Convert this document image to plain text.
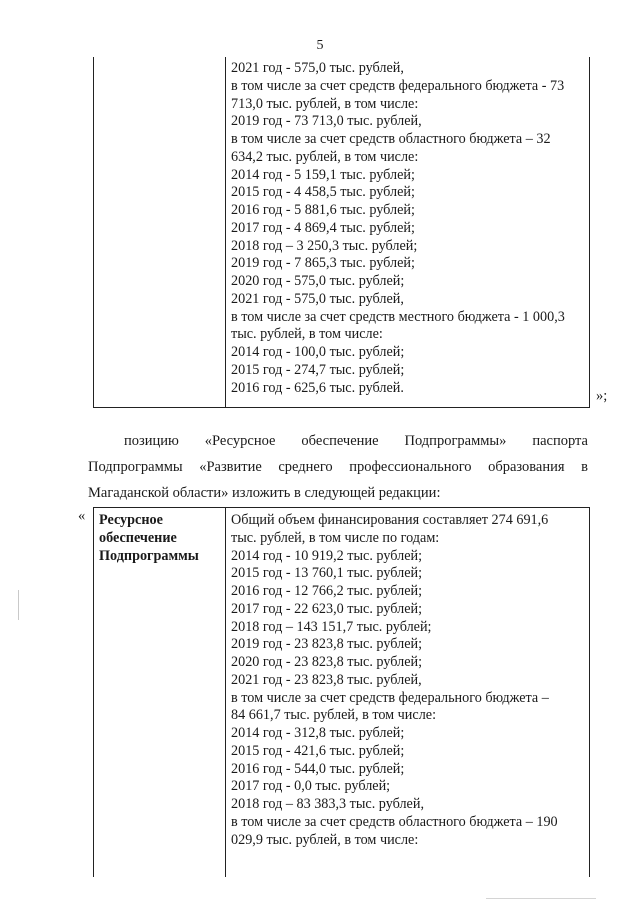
5
2021 год - 575,0 тыс. рублей,
в том числе за счет средств федерального бюджета - 73
713,0 тыс. рублей, в том числе:
2019 год - 73 713,0 тыс. рублей,
в том числе за счет средств областного бюджета – 32
634,2 тыс. рублей, в том числе:
2014 год - 5 159,1 тыс. рублей;
2015 год - 4 458,5 тыс. рублей;
2016 год - 5 881,6 тыс. рублей;
2017 год - 4 869,4 тыс. рублей;
2018 год – 3 250,3 тыс. рублей;
2019 год - 7 865,3 тыс. рублей;
2020 год - 575,0 тыс. рублей;
2021 год - 575,0 тыс. рублей,
в том числе за счет средств местного бюджета - 1 000,3
тыс. рублей, в том числе:
2014 год - 100,0 тыс. рублей;
2015 год - 274,7 тыс. рублей;
2016 год - 625,6 тыс. рублей.
»;
позицию «Ресурсное обеспечение Подпрограммы» паспорта
Подпрограммы «Развитие среднего профессионального образования в
Магаданской области» изложить в следующей редакции:
« Ресурсное
обеспечение
Подпрограммы
Общий объем финансирования составляет 274 691,6
тыс. рублей, в том числе по годам:
2014 год - 10 919,2 тыс. рублей;
2015 год - 13 760,1 тыс. рублей;
2016 год - 12 766,2 тыс. рублей;
2017 год - 22 623,0 тыс. рублей;
2018 год – 143 151,7 тыс. рублей;
2019 год - 23 823,8 тыс. рублей;
2020 год - 23 823,8 тыс. рублей;
2021 год - 23 823,8 тыс. рублей,
в том числе за счет средств федерального бюджета –
84 661,7 тыс. рублей, в том числе:
2014 год - 312,8 тыс. рублей;
2015 год - 421,6 тыс. рублей;
2016 год - 544,0 тыс. рублей;
2017 год - 0,0 тыс. рублей;
2018 год – 83 383,3 тыс. рублей,
в том числе за счет средств областного бюджета – 190
029,9 тыс. рублей, в том числе:
